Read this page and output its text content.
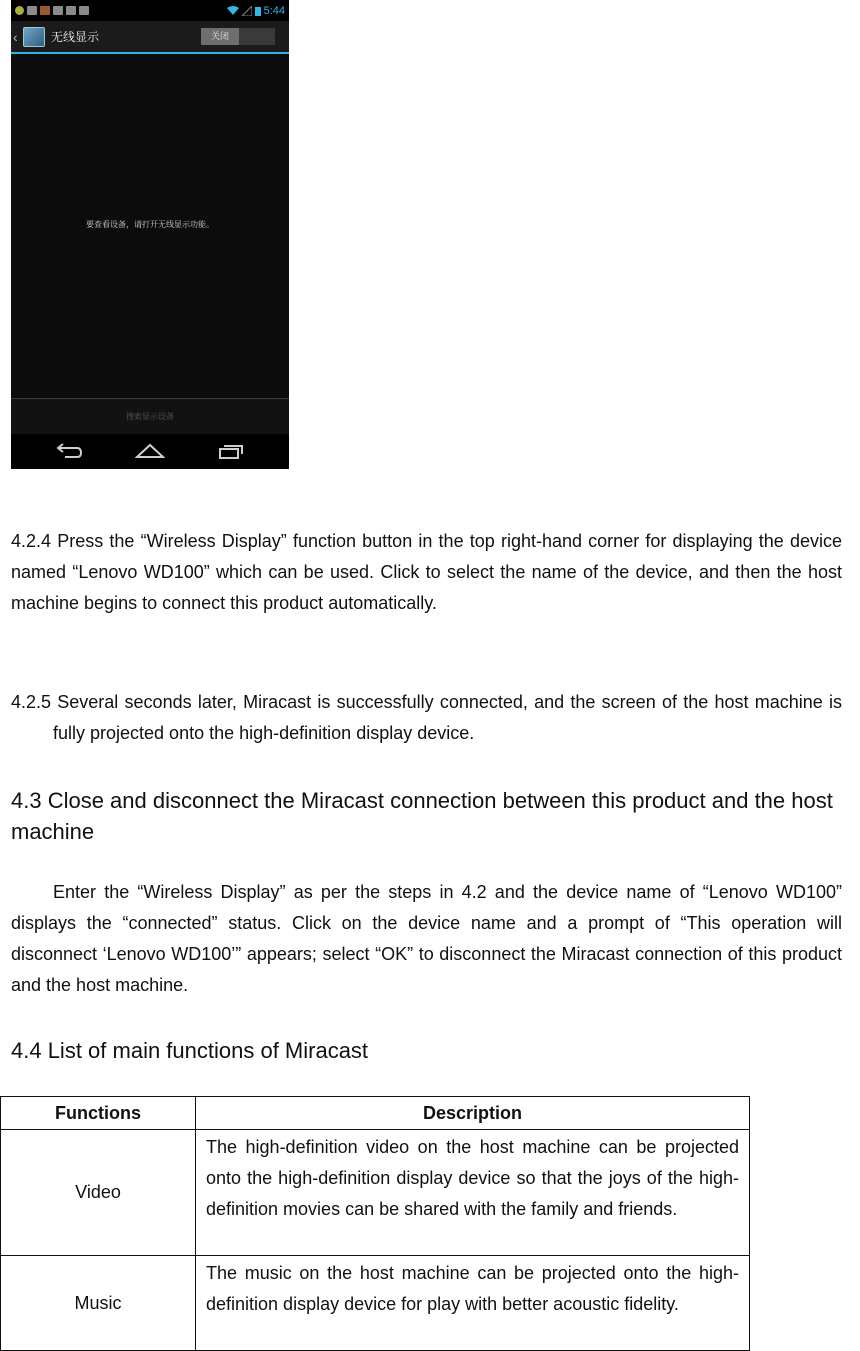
5:44
‹	无线显示	关闭
要查看设备，请打开无线显示功能。
搜索显示设备

4.2.4 Press the “Wireless Display” function button in the top right-hand corner for displaying the device named “Lenovo WD100” which can be used. Click to select the name of the device, and then the host machine begins to connect this product automatically.

4.2.5 Several seconds later, Miracast is successfully connected, and the screen of the host machine is fully projected onto the high-definition display device.

4.3 Close and disconnect the Miracast connection between this product and the host machine

Enter the “Wireless Display” as per the steps in 4.2 and the device name of “Lenovo WD100” displays the “connected” status. Click on the device name and a prompt of “This operation will disconnect ‘Lenovo WD100’” appears; select “OK” to disconnect the Miracast connection of this product and the host machine.

4.4 List of main functions of Miracast
Functions	Description
Video	The high-definition video on the host machine can be projected onto the high-definition display device so that the joys of the high-definition movies can be shared with the family and friends.
Music	The music on the host machine can be projected onto the high-definition display device for play with better acoustic fidelity.
